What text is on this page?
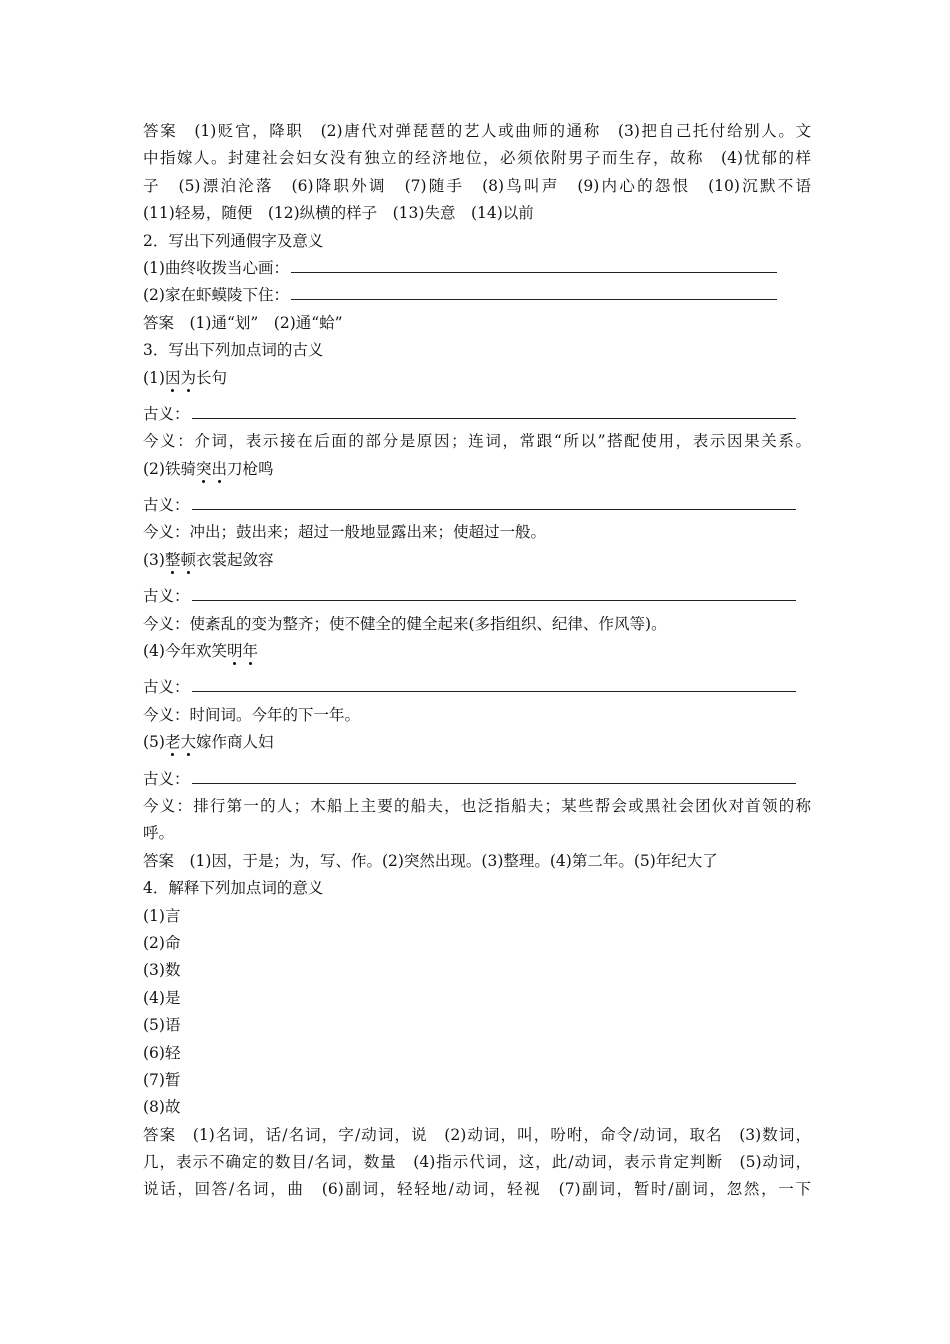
答案　(1)贬官，降职　(2)唐代对弹琵琶的艺人或曲师的通称　(3)把自己托付给别人。文
中指嫁人。封建社会妇女没有独立的经济地位，必须依附男子而生存，故称　(4)忧郁的样
子　(5)漂泊沦落　(6)降职外调　(7)随手　(8)鸟叫声　(9)内心的怨恨　(10)沉默不语
(11)轻易，随便　(12)纵横的样子　(13)失意　(14)以前
2．写出下列通假字及意义
(1)曲终收拨当心画：
(2)家在虾蟆陵下住：
答案　(1)通“划”　(2)通“蛤”
3．写出下列加点词的古义
(1)因为长句
古义：
今义：介词，表示接在后面的部分是原因；连词，常跟“所以”搭配使用，表示因果关系。
(2)铁骑突出刀枪鸣
古义：
今义：冲出；鼓出来；超过一般地显露出来；使超过一般。
(3)整顿衣裳起敛容
古义：
今义：使紊乱的变为整齐；使不健全的健全起来(多指组织、纪律、作风等)。
(4)今年欢笑明年
古义：
今义：时间词。今年的下一年。
(5)老大嫁作商人妇
古义：
今义：排行第一的人；木船上主要的船夫，也泛指船夫；某些帮会或黑社会团伙对首领的称
呼。
答案　(1)因，于是；为，写、作。(2)突然出现。(3)整理。(4)第二年。(5)年纪大了
4．解释下列加点词的意义
(1)言
(2)命
(3)数
(4)是
(5)语
(6)轻
(7)暂
(8)故
答案　(1)名词，话/名词，字/动词，说　(2)动词，叫，吩咐，命令/动词，取名　(3)数词，
几，表示不确定的数目/名词，数量　(4)指示代词，这，此/动词，表示肯定判断　(5)动词，
说话，回答/名词，曲　(6)副词，轻轻地/动词，轻视　(7)副词，暂时/副词，忽然，一下
